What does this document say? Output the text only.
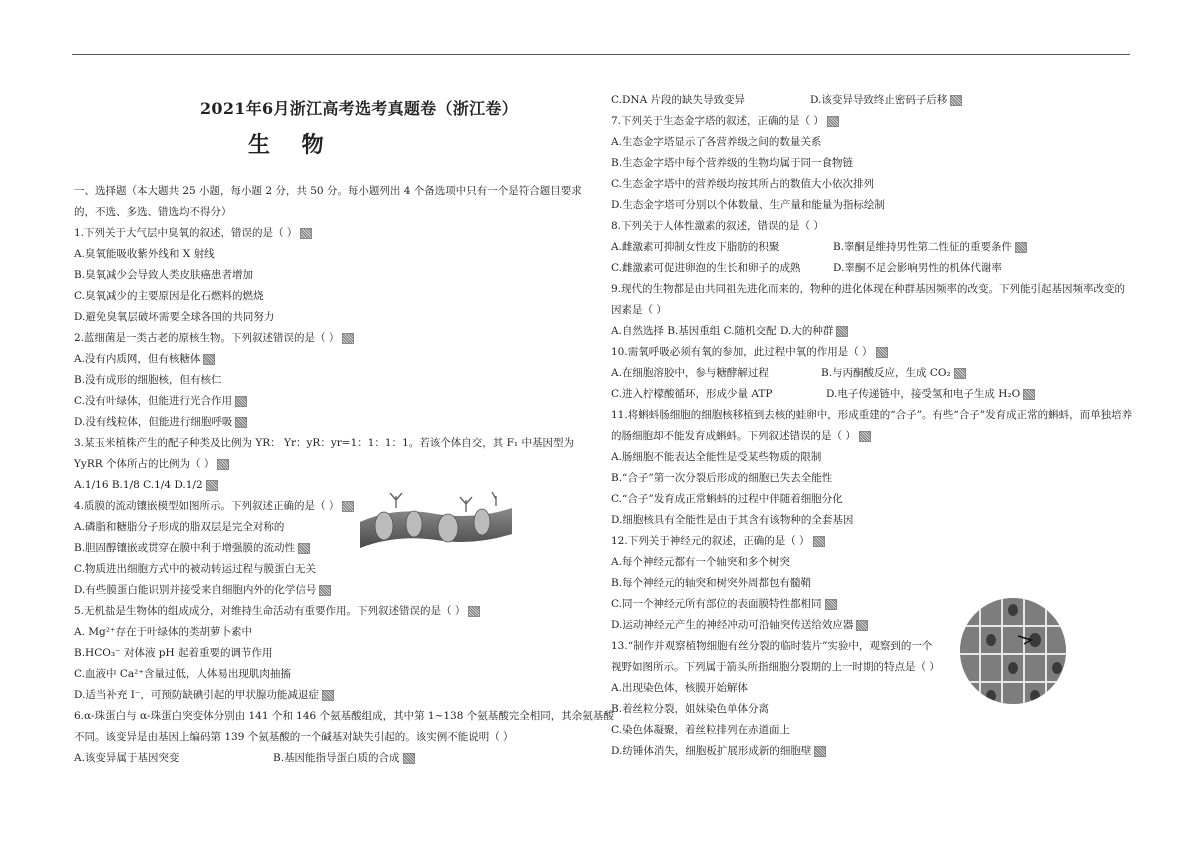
2021年6月浙江高考选考真题卷（浙江卷）
生 物
一、选择题（本大题共 25 小题，每小题 2 分，共 50 分。每小题列出 4 个备选项中只有一个是符合题目要求
的，不选、多选、错选均不得分）
1.下列关于大气层中臭氧的叙述，错误的是（ ）
A.臭氧能吸收紫外线和 X 射线
B.臭氧减少会导致人类皮肤癌患者增加
C.臭氧减少的主要原因是化石燃料的燃烧
D.避免臭氧层破坏需要全球各国的共同努力
2.蓝细菌是一类古老的原核生物。下列叙述错误的是（ ）
A.没有内质网，但有核糖体
B.没有成形的细胞核，但有核仁
C.没有叶绿体，但能进行光合作用
D.没有线粒体，但能进行细胞呼吸
3.某玉米植株产生的配子种类及比例为 YR： Yr：yR：yr=1：1：1：1。若该个体自交，其 F₁ 中基因型为
YyRR 个体所占的比例为（ ）
A.1/16 B.1/8 C.1/4 D.1/2
4.质膜的流动镶嵌模型如图所示。下列叙述正确的是（ ）
A.磷脂和糖脂分子形成的脂双层是完全对称的
B.胆固醇镶嵌或贯穿在膜中利于增强膜的流动性
C.物质进出细胞方式中的被动转运过程与膜蛋白无关
D.有些膜蛋白能识别并接受来自细胞内外的化学信号
5.无机盐是生物体的组成成分，对维持生命活动有重要作用。下列叙述错误的是（ ）
A. Mg²⁺存在于叶绿体的类胡萝卜素中
B.HCO₃⁻ 对体液 pH 起着重要的调节作用
C.血液中 Ca²⁺含量过低，人体易出现肌肉抽搐
D.适当补充 I⁻，可预防缺碘引起的甲状腺功能减退症
6.α-珠蛋白与 α-珠蛋白突变体分别由 141 个和 146 个氨基酸组成，其中第 1~138 个氨基酸完全相同，其余氨基酸
不同。该变异是由基因上编码第 139 个氨基酸的一个碱基对缺失引起的。该实例不能说明（ ）
A.该变异属于基因突变	B.基因能指导蛋白质的合成
C.DNA 片段的缺失导致变异	D.该变异导致终止密码子后移
7.下列关于生态金字塔的叙述，正确的是（ ）
A.生态金字塔显示了各营养级之间的数量关系
B.生态金字塔中每个营养级的生物均属于同一食物链
C.生态金字塔中的营养级均按其所占的数值大小依次排列
D.生态金字塔可分别以个体数量、生产量和能量为指标绘制
8.下列关于人体性激素的叙述，错误的是（ ）
A.雌激素可抑制女性皮下脂肪的积聚	B.睾酮是维持男性第二性征的重要条件
C.雌激素可促进卵泡的生长和卵子的成熟	D.睾酮不足会影响男性的机体代谢率
9.现代的生物都是由共同祖先进化而来的，物种的进化体现在种群基因频率的改变。下列能引起基因频率改变的
因素是（ ）
A.自然选择 B.基因重组 C.随机交配 D.大的种群
10.需氧呼吸必须有氧的参加，此过程中氧的作用是（ ）
A.在细胞溶胶中，参与糖酵解过程	B.与丙酮酸反应，生成 CO₂
C.进入柠檬酸循环，形成少量 ATP	D.电子传递链中，接受氢和电子生成 H₂O
11.将蝌蚪肠细胞的细胞核移植到去核的蛙卵中，形成重建的“合子”。有些“合子”发育成正常的蝌蚪，而单独培养
的肠细胞却不能发育成蝌蚪。下列叙述错误的是（ ）
A.肠细胞不能表达全能性是受某些物质的限制
B.“合子”第一次分裂后形成的细胞已失去全能性
C.“合子”发育成正常蝌蚪的过程中伴随着细胞分化
D.细胞核具有全能性是由于其含有该物种的全套基因
12.下列关于神经元的叙述，正确的是（ ）
A.每个神经元都有一个轴突和多个树突
B.每个神经元的轴突和树突外周都包有髓鞘
C.同一个神经元所有部位的表面膜特性都相同
D.运动神经元产生的神经冲动可沿轴突传送给效应器
13.“制作并观察植物细胞有丝分裂的临时装片”实验中，观察到的一个
视野如图所示。下列属于箭头所指细胞分裂期的上一时期的特点是（ ）
A.出现染色体，核膜开始解体
B.着丝粒分裂，姐妹染色单体分离
C.染色体凝聚，着丝粒排列在赤道面上
D.纺锤体消失，细胞板扩展形成新的细胞壁
